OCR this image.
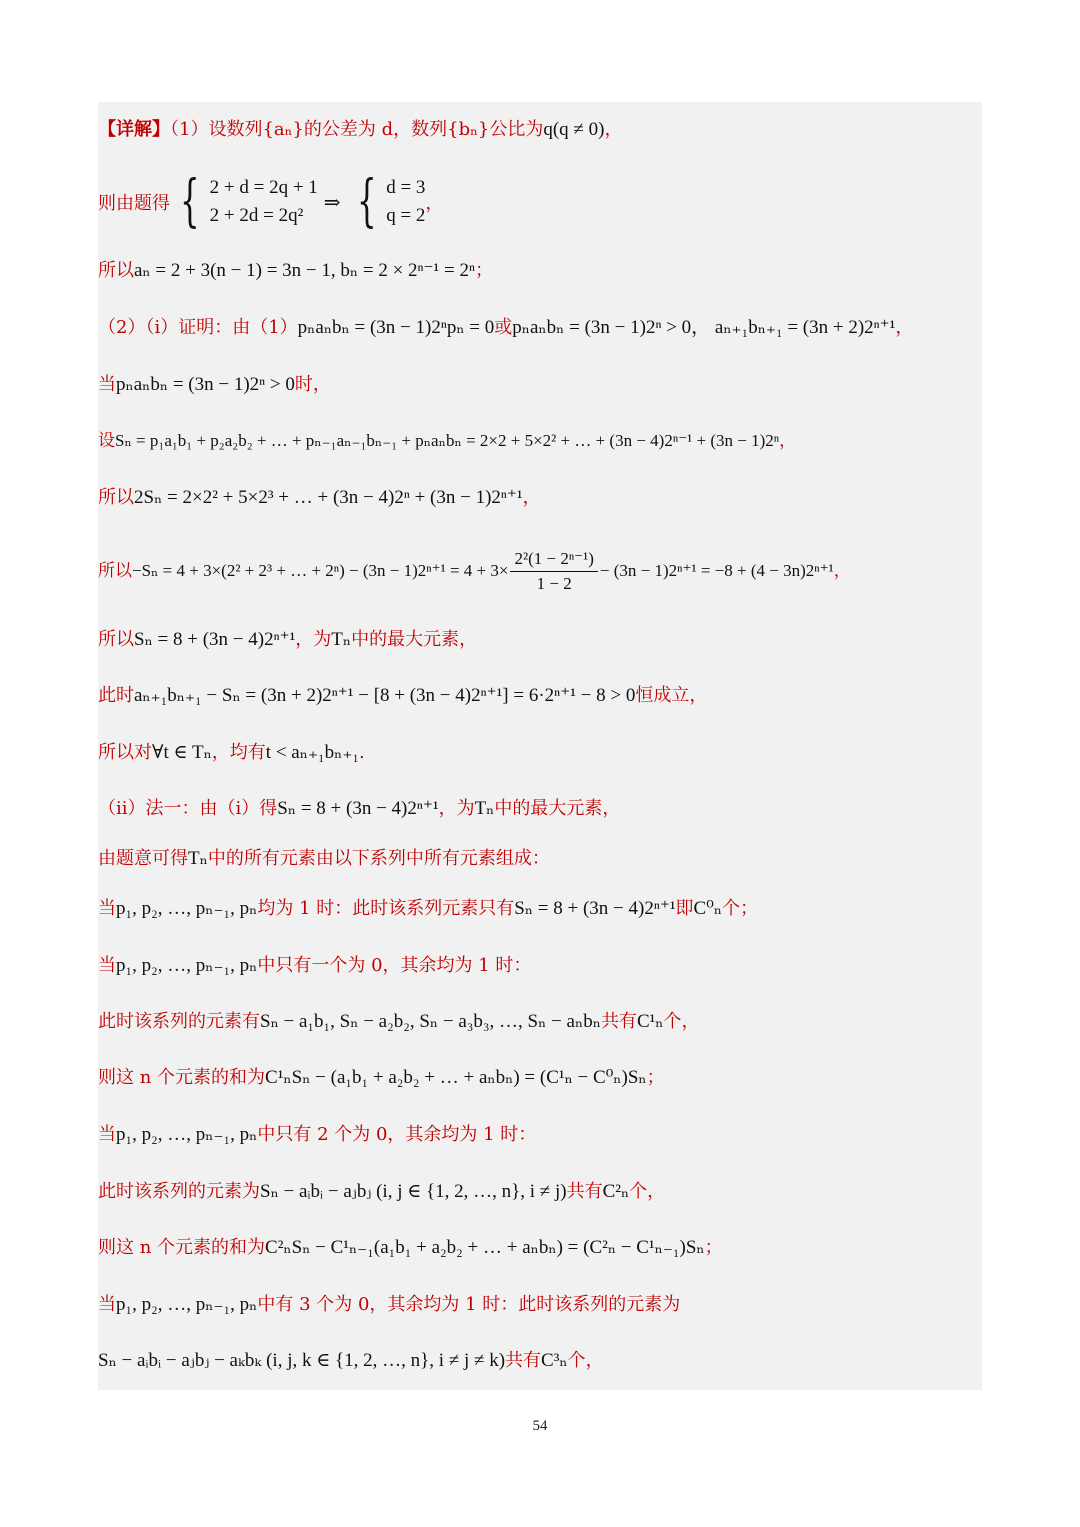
【详解】（1）设数列{aₙ}的公差为 d，数列{bₙ}公比为q(q ≠ 0)，
则由题得 { 2 + d = 2q + 1
2 + 2d = 2q²
⇒ { d = 3
q = 2
，
所以aₙ = 2 + 3(n − 1) = 3n − 1, bₙ = 2 × 2ⁿ⁻¹ = 2ⁿ；
（2）（i）证明：由（1）pₙaₙbₙ = (3n − 1)2ⁿpₙ = 0或pₙaₙbₙ = (3n − 1)2ⁿ > 0， aₙ₊₁bₙ₊₁ = (3n + 2)2ⁿ⁺¹，
当pₙaₙbₙ = (3n − 1)2ⁿ > 0时，
设Sₙ = p₁a₁b₁ + p₂a₂b₂ + … + pₙ₋₁aₙ₋₁bₙ₋₁ + pₙaₙbₙ = 2×2 + 5×2² + … + (3n − 4)2ⁿ⁻¹ + (3n − 1)2ⁿ，
所以2Sₙ = 2×2² + 5×2³ + … + (3n − 4)2ⁿ + (3n − 1)2ⁿ⁺¹，
所以 −Sₙ = 4 + 3×(2² + 2³ + … + $2^n) - (3n - 1)2^{n+1} = 4 + 3\times \frac{\text{2²(1 − 2ⁿ⁻¹)}}{1 - 2} - (3n - 1)2^{n+1} = -8 + (4 - 3n)2^{n+1}$ ，
所以Sₙ = 8 + (3n − 4)2ⁿ⁺¹，为Tₙ中的最大元素，
此时aₙ₊₁bₙ₊₁ − Sₙ = (3n + 2)2ⁿ⁺¹ − [8 + (3n − 4)2ⁿ⁺¹] = 6·2ⁿ⁺¹ − 8 > 0恒成立，
所以对∀t ∈ Tₙ，均有t < aₙ₊₁bₙ₊₁.
（ii）法一：由（i）得Sₙ = 8 + (3n − 4)2ⁿ⁺¹，为Tₙ中的最大元素，
由题意可得Tₙ中的所有元素由以下系列中所有元素组成：
当p₁, p₂, …, pₙ₋₁, pₙ均为 1 时：此时该系列元素只有Sₙ = 8 + (3n − 4)2ⁿ⁺¹即C⁰ₙ个；
当p₁, p₂, …, pₙ₋₁, pₙ中只有一个为 0，其余均为 1 时：
此时该系列的元素有Sₙ − a₁b₁, Sₙ − a₂b₂, Sₙ − a₃b₃, …, Sₙ − aₙbₙ共有C¹ₙ个，
则这 n 个元素的和为C¹ₙSₙ − (a₁b₁ + a₂b₂ + … + aₙbₙ) = (C¹ₙ − C⁰ₙ)Sₙ；
当p₁, p₂, …, pₙ₋₁, pₙ中只有 2 个为 0，其余均为 1 时：
此时该系列的元素为Sₙ − aᵢbᵢ − aⱼbⱼ (i, j ∈ {1, 2, …, n}, i ≠ j)共有C²ₙ个，
则这 n 个元素的和为C²ₙSₙ − C¹ₙ₋₁(a₁b₁ + a₂b₂ + … + aₙbₙ) = (C²ₙ − C¹ₙ₋₁)Sₙ；
当p₁, p₂, …, pₙ₋₁, pₙ中有 3 个为 0，其余均为 1 时：此时该系列的元素为
Sₙ − aᵢbᵢ − aⱼbⱼ − aₖbₖ (i, j, k ∈ {1, 2, …, n}, i ≠ j ≠ k)共有C³ₙ个，
54
